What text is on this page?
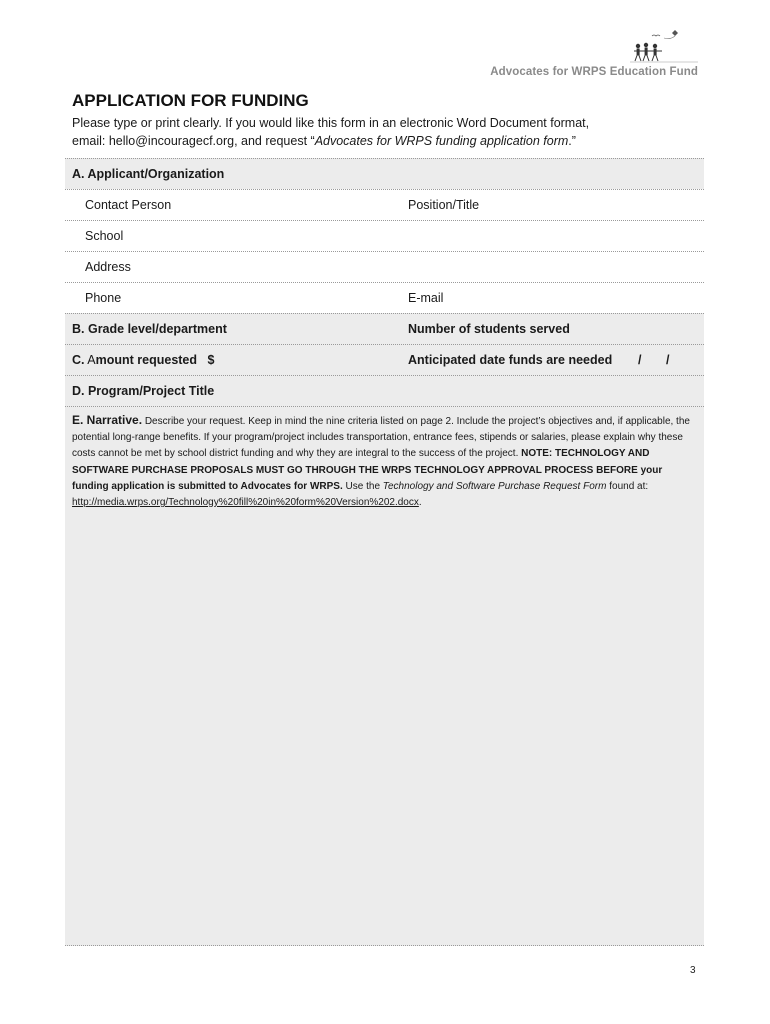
Advocates for WRPS Education Fund
APPLICATION FOR FUNDING

Please type or print clearly. If you would like this form in an electronic Word Document format,
email: hello@incouragecf.org, and request “Advocates for WRPS funding application form.”

A. Applicant/Organization
Contact Person	Position/Title
School
Address
Phone	E-mail
B. Grade level/department	Number of students served
C. Amount requested $	Anticipated date funds are needed / /
D. Program/Project Title
E. Narrative. Describe your request. Keep in mind the nine criteria listed on page 2. Include the project’s objectives and, if applicable, the potential long-range benefits. If your program/project includes transportation, entrance fees, stipends or salaries, please explain why these costs cannot be met by school district funding and why they are integral to the success of the project. NOTE: TECHNOLOGY AND SOFTWARE PURCHASE PROPOSALS MUST GO THROUGH THE WRPS TECHNOLOGY APPROVAL PROCESS BEFORE your funding application is submitted to Advocates for WRPS. Use the Technology and Software Purchase Request Form found at: http://media.wrps.org/Technology%20fill%20in%20form%20Version%202.docx.
3
